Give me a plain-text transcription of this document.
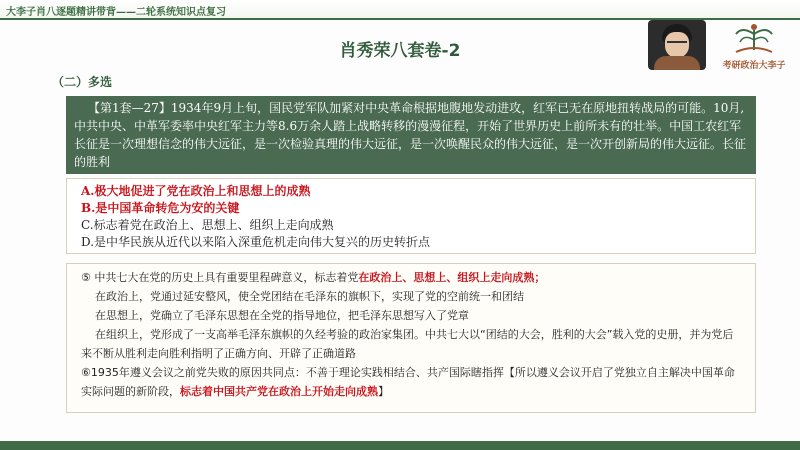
大李子肖八逐题精讲带背——二轮系统知识点复习
肖秀荣八套卷-2
考研政治大李子
（二）多选

【第1套—27】1934年9月上旬，国民党军队加紧对中央革命根据地腹地发动进攻，红军已无在原地扭转战局的可能。10月,中共中央、中革军委率中央红军主力等8.6万余人踏上战略转移的漫漫征程，开始了世界历史上前所未有的壮举。中国工农红军长征是一次理想信念的伟大远征，是一次检验真理的伟大远征，是一次唤醒民众的伟大远征，是一次开创新局的伟大远征。长征的胜利

A.极大地促进了党在政治上和思想上的成熟
B.是中国革命转危为安的关键
C.标志着党在政治上、思想上、组织上走向成熟
D.是中华民族从近代以来陷入深重危机走向伟大复兴的历史转折点

⑤ 中共七大在党的历史上具有重要里程碑意义，标志着党在政治上、思想上、组织上走向成熟；

在政治上，党通过延安整风，使全党团结在毛泽东的旗帜下，实现了党的空前统一和团结

在思想上，党确立了毛泽东思想在全党的指导地位，把毛泽东思想写入了党章

在组织上，党形成了一支高举毛泽东旗帜的久经考验的政治家集团。中共七大以“团结的大会，胜利的大会”载入党的史册，并为党后来不断从胜利走向胜利指明了正确方向、开辟了正确道路

⑥1935年遵义会议之前党失败的原因共同点：不善于理论实践相结合、共产国际瞎指挥【所以遵义会议开启了党独立自主解决中国革命实际问题的新阶段，标志着中国共产党在政治上开始走向成熟】
